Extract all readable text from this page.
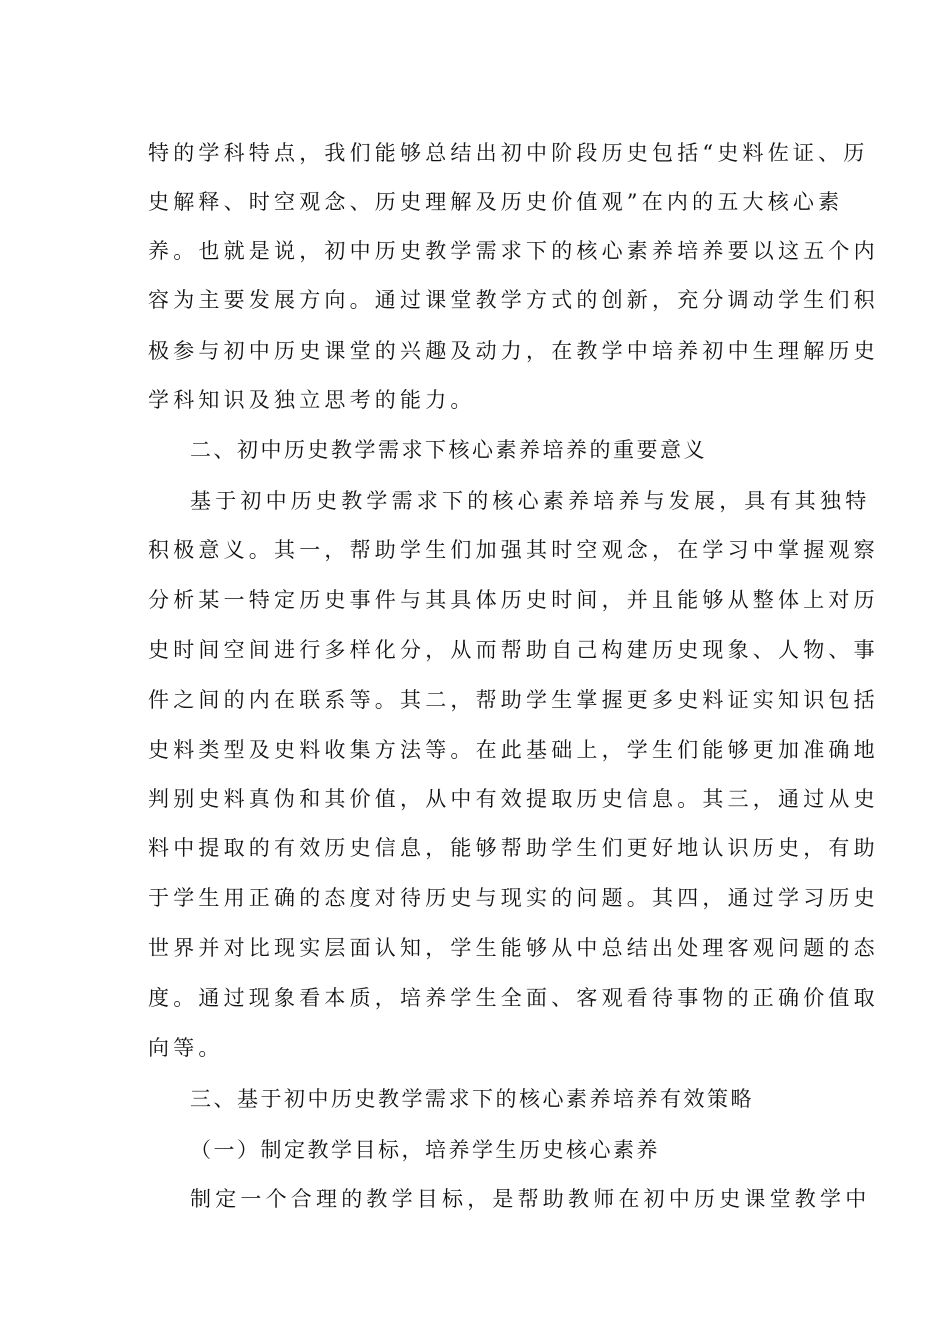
特的学科特点，我们能够总结出初中阶段历史包括“史料佐证、历
史解释、时空观念、历史理解及历史价值观”在内的五大核心素
养。也就是说，初中历史教学需求下的核心素养培养要以这五个内
容为主要发展方向。通过课堂教学方式的创新，充分调动学生们积
极参与初中历史课堂的兴趣及动力，在教学中培养初中生理解历史
学科知识及独立思考的能力。
二、初中历史教学需求下核心素养培养的重要意义
基于初中历史教学需求下的核心素养培养与发展，具有其独特
积极意义。其一，帮助学生们加强其时空观念，在学习中掌握观察
分析某一特定历史事件与其具体历史时间，并且能够从整体上对历
史时间空间进行多样化分，从而帮助自己构建历史现象、人物、事
件之间的内在联系等。其二，帮助学生掌握更多史料证实知识包括
史料类型及史料收集方法等。在此基础上，学生们能够更加准确地
判别史料真伪和其价值，从中有效提取历史信息。其三，通过从史
料中提取的有效历史信息，能够帮助学生们更好地认识历史，有助
于学生用正确的态度对待历史与现实的问题。其四，通过学习历史
世界并对比现实层面认知，学生能够从中总结出处理客观问题的态
度。通过现象看本质，培养学生全面、客观看待事物的正确价值取
向等。
三、基于初中历史教学需求下的核心素养培养有效策略
（一）制定教学目标，培养学生历史核心素养
制定一个合理的教学目标，是帮助教师在初中历史课堂教学中
